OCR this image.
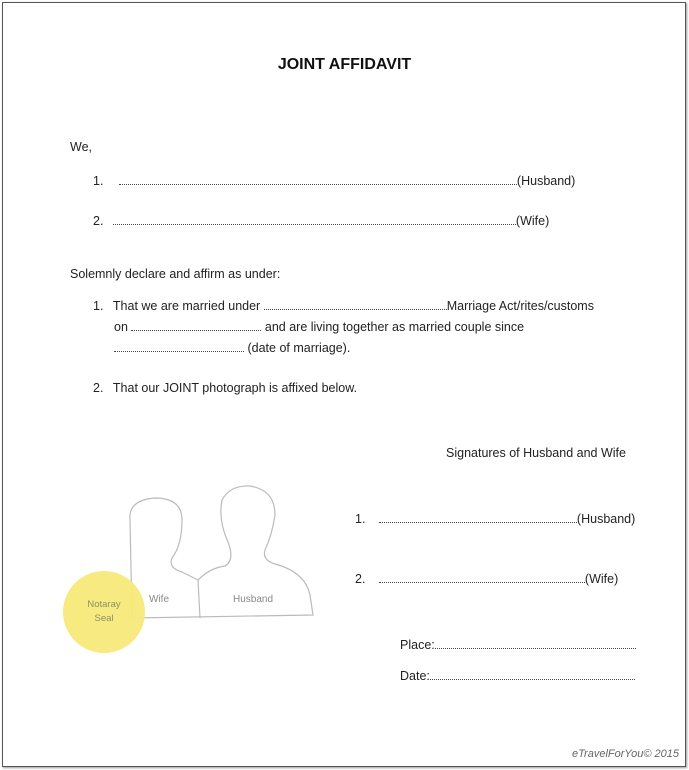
JOINT AFFIDAVIT
We,
1.	(Husband)
2.	(Wife)
Solemnly declare and affirm as under:
1. That we are married under	Marriage Act/rites/customs
on	and are living together as married couple since
(date of marriage).
2. That our JOINT photograph is affixed below.
Signatures of Husband and Wife
1.	(Husband)
2.	(Wife)
Place:
Date:
Notaray
Seal
Wife	Husband
eTravelForYou© 2015
